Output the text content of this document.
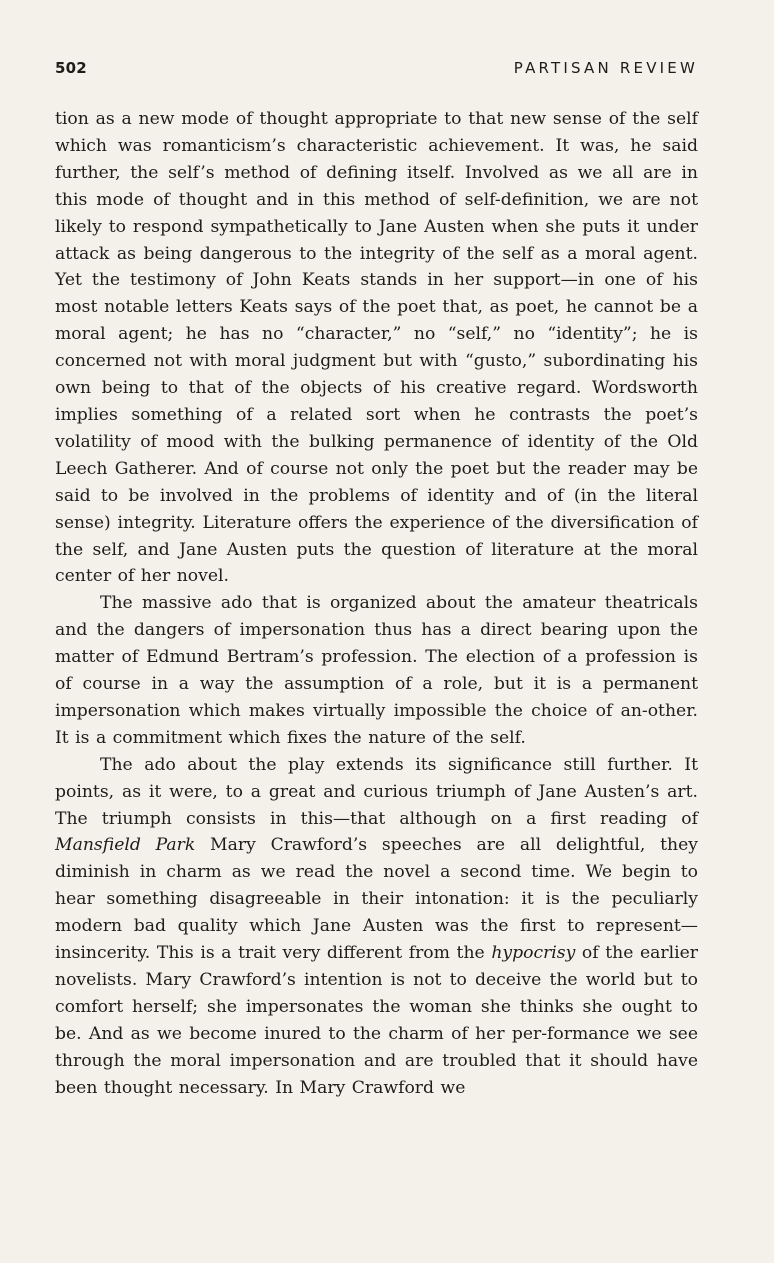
502	PARTISAN REVIEW

tion as a new mode of thought appropriate to that new sense of the self which was romanticism’s characteristic achievement. It was, he said further, the self’s method of defining itself. Involved as we all are in this mode of thought and in this method of self-definition, we are not likely to respond sympathetically to Jane Austen when she puts it under attack as being dangerous to the integrity of the self as a moral agent. Yet the testimony of John Keats stands in her support—in one of his most notable letters Keats says of the poet that, as poet, he cannot be a moral agent; he has no “character,” no “self,” no “identity”; he is concerned not with moral judgment but with “gusto,” subordinating his own being to that of the objects of his creative regard. Wordsworth implies something of a related sort when he contrasts the poet’s volatility of mood with the bulking permanence of identity of the Old Leech Gatherer. And of course not only the poet but the reader may be said to be involved in the problems of identity and of (in the literal sense) integrity. Literature offers the experience of the diversification of the self, and Jane Austen puts the question of literature at the moral center of her novel.

The massive ado that is organized about the amateur theatricals and the dangers of impersonation thus has a direct bearing upon the matter of Edmund Bertram’s profession. The election of a profession is of course in a way the assumption of a role, but it is a permanent impersonation which makes virtually impossible the choice of an-other. It is a commitment which fixes the nature of the self.

The ado about the play extends its significance still further. It points, as it were, to a great and curious triumph of Jane Austen’s art. The triumph consists in this—that although on a first reading of Mansfield Park Mary Crawford’s speeches are all delightful, they diminish in charm as we read the novel a second time. We begin to hear something disagreeable in their intonation: it is the peculiarly modern bad quality which Jane Austen was the first to represent—insincerity. This is a trait very different from the hypocrisy of the earlier novelists. Mary Crawford’s intention is not to deceive the world but to comfort herself; she impersonates the woman she thinks she ought to be. And as we become inured to the charm of her per-formance we see through the moral impersonation and are troubled that it should have been thought necessary. In Mary Crawford we
